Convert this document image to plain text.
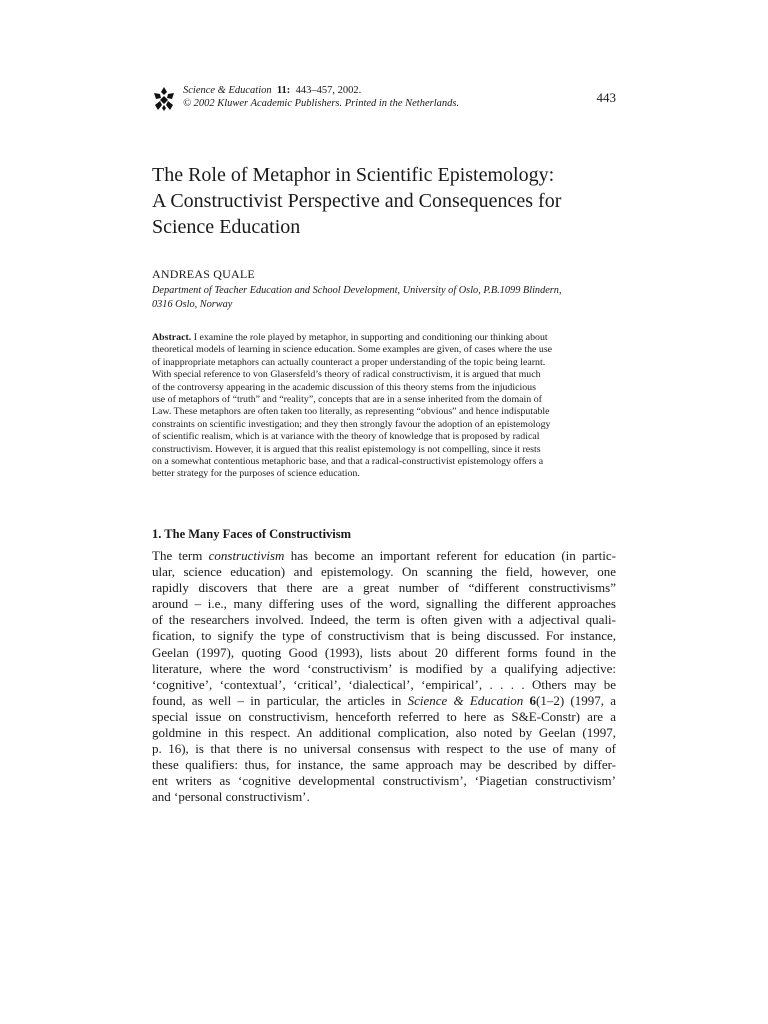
Science & Education 11: 443–457, 2002.
© 2002 Kluwer Academic Publishers. Printed in the Netherlands.	443
The Role of Metaphor in Scientific Epistemology:
A Constructivist Perspective and Consequences for
Science Education
ANDREAS QUALE
Department of Teacher Education and School Development, University of Oslo, P.B.1099 Blindern,
0316 Oslo, Norway
Abstract. I examine the role played by metaphor, in supporting and conditioning our thinking about
theoretical models of learning in science education. Some examples are given, of cases where the use
of inappropriate metaphors can actually counteract a proper understanding of the topic being learnt.
With special reference to von Glasersfeld’s theory of radical constructivism, it is argued that much
of the controversy appearing in the academic discussion of this theory stems from the injudicious
use of metaphors of “truth” and “reality”, concepts that are in a sense inherited from the domain of
Law. These metaphors are often taken too literally, as representing “obvious” and hence indisputable
constraints on scientific investigation; and they then strongly favour the adoption of an epistemology
of scientific realism, which is at variance with the theory of knowledge that is proposed by radical
constructivism. However, it is argued that this realist epistemology is not compelling, since it rests
on a somewhat contentious metaphoric base, and that a radical-constructivist epistemology offers a
better strategy for the purposes of science education.
1. The Many Faces of Constructivism
The term constructivism has become an important referent for education (in partic-
ular, science education) and epistemology. On scanning the field, however, one
rapidly discovers that there are a great number of “different constructivisms”
around – i.e., many differing uses of the word, signalling the different approaches
of the researchers involved. Indeed, the term is often given with a adjectival quali-
fication, to signify the type of constructivism that is being discussed. For instance,
Geelan (1997), quoting Good (1993), lists about 20 different forms found in the
literature, where the word ‘constructivism’ is modified by a qualifying adjective:
‘cognitive’, ‘contextual’, ‘critical’, ‘dialectical’, ‘empirical’, . . . . Others may be
found, as well – in particular, the articles in Science & Education 6(1–2) (1997, a
special issue on constructivism, henceforth referred to here as S&E-Constr) are a
goldmine in this respect. An additional complication, also noted by Geelan (1997,
p. 16), is that there is no universal consensus with respect to the use of many of
these qualifiers: thus, for instance, the same approach may be described by differ-
ent writers as ‘cognitive developmental constructivism’, ‘Piagetian constructivism’
and ‘personal constructivism’.
